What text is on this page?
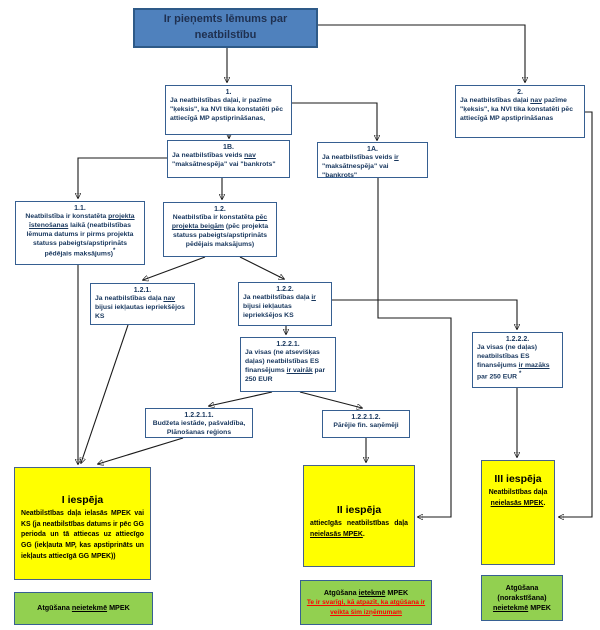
Ir pieņemts lēmums par neatbilstību
1.
Ja neatbilstības daļai, ir pazīme "ķeksis", ka NVI tika konstatēti pēc attiecīgā MP apstiprināšanas,
2.
Ja neatbilstības daļai nav pazīme "ķeksis", ka NVI tika konstatēti pēc attiecīgā MP apstiprināšanas
1B.
Ja neatbilstības veids nav "maksātnespēja" vai "bankrots"
1A.
Ja neatbilstības veids ir "maksātnespēja" vai "bankrots"
1.1.
Neatbilstība ir konstatēta projekta īstenošanas laikā (neatbilstības lēmuma datums ir pirms projekta statuss pabeigts/apstiprināts pēdējais maksājums)*
1.2.
Neatbilstība ir konstatēta pēc projekta beigām (pēc projekta statuss pabeigts/apstiprināts pēdējais maksājums)
1.2.1.
Ja neatbilstības daļa nav bijusi iekļautas iepriekšējos KS
1.2.2.
Ja neatbilstības daļa ir bijusi iekļautas iepriekšējos KS
1.2.2.1.
Ja visas (ne atsevišķas daļas) neatbilstības ES finansējums ir vairāk par 250 EUR
1.2.2.2.
Ja visas (ne daļas) neatbilstības ES finansējums ir mazāks par 250 EUR *
1.2.2.1.1.
Budžeta iestāde, pašvaldība, Plānošanas reģions
1.2.2.1.2.
Pārējie fin. saņēmēji
I iespēja
Neatbilstības daļa ielasās MPEK vai KS (ja neatbilstības datums ir pēc GG perioda un tā attiecas uz attiecīgo GG (iekļauta MP, kas apstiprināts un iekļauts attiecīgā GG MPEK))
II iespēja
attiecīgās neatbilstības daļa neielasās MPEK.
III iespēja
Neatbilstības daļa neielasās MPEK.
Atgūšana neietekmē MPEK
Atgūšana ietekmē MPEK
Te ir svarīgi, kā atpazīt, ka atgūšana ir veikta šim izņēmumam
Atgūšana
(norakstīšana)
neietekmē MPEK
